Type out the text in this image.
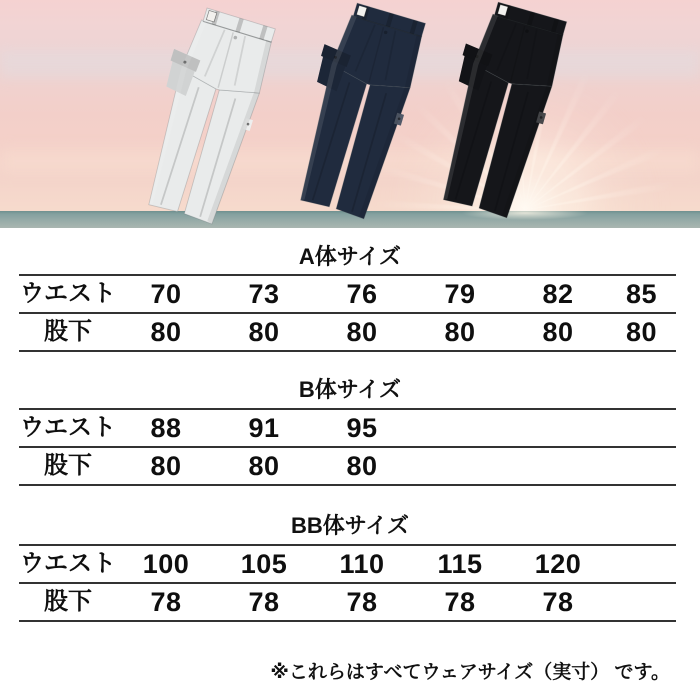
A体サイズ
ウエスト	70	73	76	79	82	85
股下	80	80	80	80	80	80
B体サイズ
ウエスト	88	91	95			
股下	80	80	80			
BB体サイズ
ウエスト	100	105	110	115	120	
股下	78	78	78	78	78	

※これらはすべてウェアサイズ（実寸） です。
